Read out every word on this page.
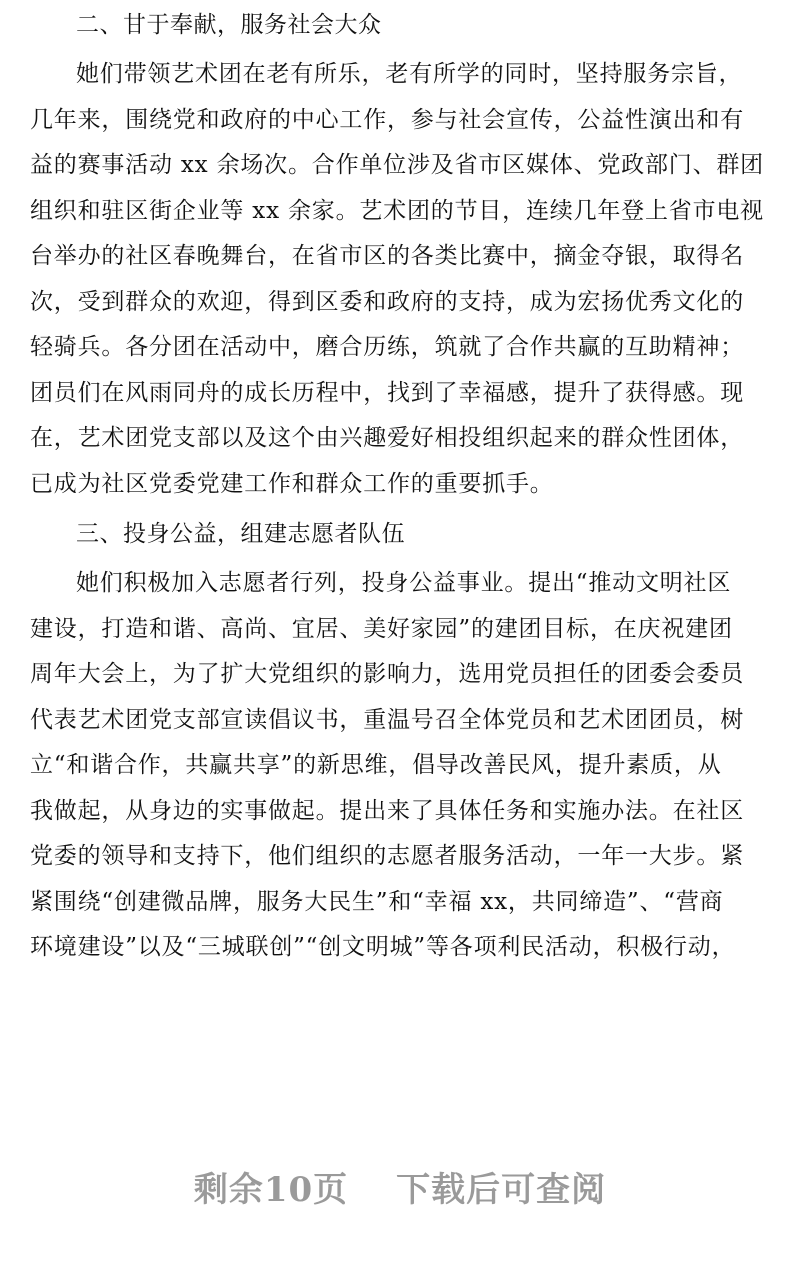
二、甘于奉献，服务社会大众
她们带领艺术团在老有所乐，老有所学的同时，坚持服务宗旨，
几年来，围绕党和政府的中心工作，参与社会宣传，公益性演出和有
益的赛事活动 xx 余场次。合作单位涉及省市区媒体、党政部门、群团
组织和驻区街企业等 xx 余家。艺术团的节目，连续几年登上省市电视
台举办的社区春晚舞台，在省市区的各类比赛中，摘金夺银，取得名
次，受到群众的欢迎，得到区委和政府的支持，成为宏扬优秀文化的
轻骑兵。各分团在活动中，磨合历练，筑就了合作共赢的互助精神；
团员们在风雨同舟的成长历程中，找到了幸福感，提升了获得感。现
在，艺术团党支部以及这个由兴趣爱好相投组织起来的群众性团体，
已成为社区党委党建工作和群众工作的重要抓手。
三、投身公益，组建志愿者队伍
她们积极加入志愿者行列，投身公益事业。提出“推动文明社区
建设，打造和谐、高尚、宜居、美好家园”的建团目标，在庆祝建团
周年大会上，为了扩大党组织的影响力，选用党员担任的团委会委员
代表艺术团党支部宣读倡议书，重温号召全体党员和艺术团团员，树
立“和谐合作，共赢共享”的新思维，倡导改善民风，提升素质，从
我做起，从身边的实事做起。提出来了具体任务和实施办法。在社区
党委的领导和支持下，他们组织的志愿者服务活动，一年一大步。紧
紧围绕“创建微品牌，服务大民生”和“幸福 xx，共同缔造”、“营商
环境建设”以及“三城联创”“创文明城”等各项利民活动，积极行动，
剩余10页 下载后可查阅
